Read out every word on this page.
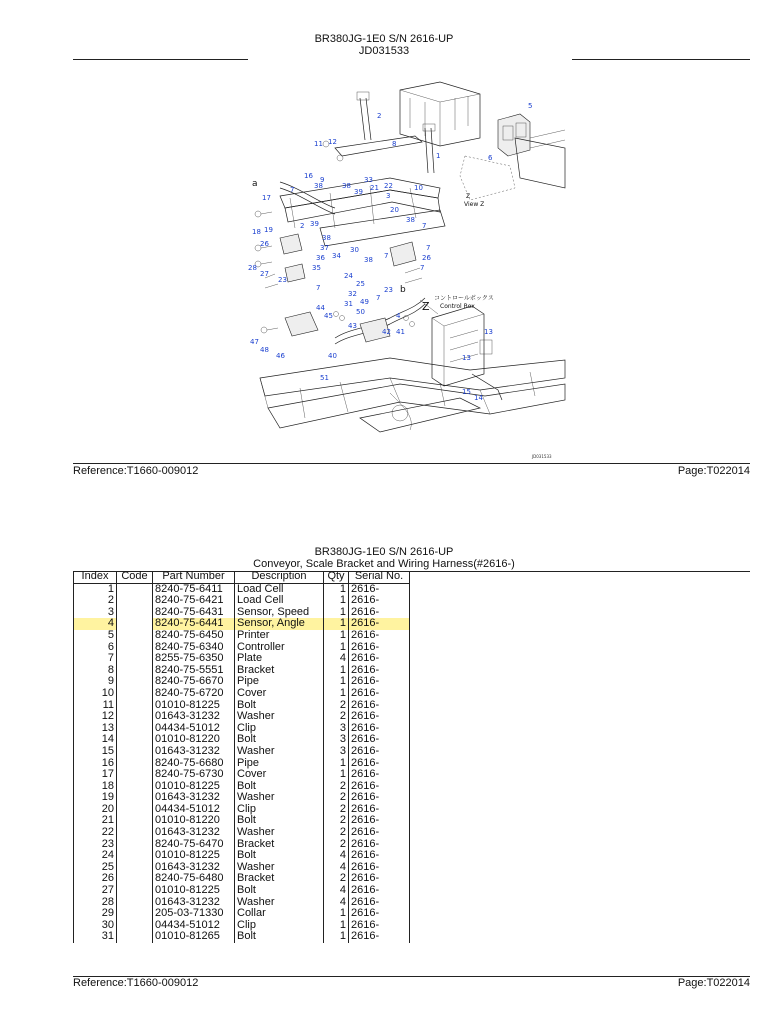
BR380JG-1E0 S/N 2616-UP
JD031533
2
5
8
11 12
1	6
16 9
38	38
33
39 21 22	10
7
17	3
20
38
7
18 19	2 39
38
26	37
36 34
30
38 7
7
26
7
28
27
35
24
23	25
7	23
32
31 49 7
50	4
44
45
43
42 41
47
48
46	40
13
13
15
14
51
a
b
Z
コントロールボックス
Control Box
Z
View Z
JD031533
Reference:T1660-009012	Page:T022014
BR380JG-1E0 S/N 2616-UP
Conveyor, Scale Bracket and Wiring Harness(#2616-)
Index	Code	Part Number	Description	Qty	Serial No.
1		8240-75-6411	Load Cell	1	2616-
2		8240-75-6421	Load Cell	1	2616-
3		8240-75-6431	Sensor, Speed	1	2616-
4		8240-75-6441	Sensor, Angle	1	2616-
5		8240-75-6450	Printer	1	2616-
6		8240-75-6340	Controller	1	2616-
7		8255-75-6350	Plate	4	2616-
8		8240-75-5551	Bracket	1	2616-
9		8240-75-6670	Pipe	1	2616-
10		8240-75-6720	Cover	1	2616-
11		01010-81225	Bolt	2	2616-
12		01643-31232	Washer	2	2616-
13		04434-51012	Clip	3	2616-
14		01010-81220	Bolt	3	2616-
15		01643-31232	Washer	3	2616-
16		8240-75-6680	Pipe	1	2616-
17		8240-75-6730	Cover	1	2616-
18		01010-81225	Bolt	2	2616-
19		01643-31232	Washer	2	2616-
20		04434-51012	Clip	2	2616-
21		01010-81220	Bolt	2	2616-
22		01643-31232	Washer	2	2616-
23		8240-75-6470	Bracket	2	2616-
24		01010-81225	Bolt	4	2616-
25		01643-31232	Washer	4	2616-
26		8240-75-6480	Bracket	2	2616-
27		01010-81225	Bolt	4	2616-
28		01643-31232	Washer	4	2616-
29		205-03-71330	Collar	1	2616-
30		04434-51012	Clip	1	2616-
31		01010-81265	Bolt	1	2616-
Reference:T1660-009012	Page:T022014
